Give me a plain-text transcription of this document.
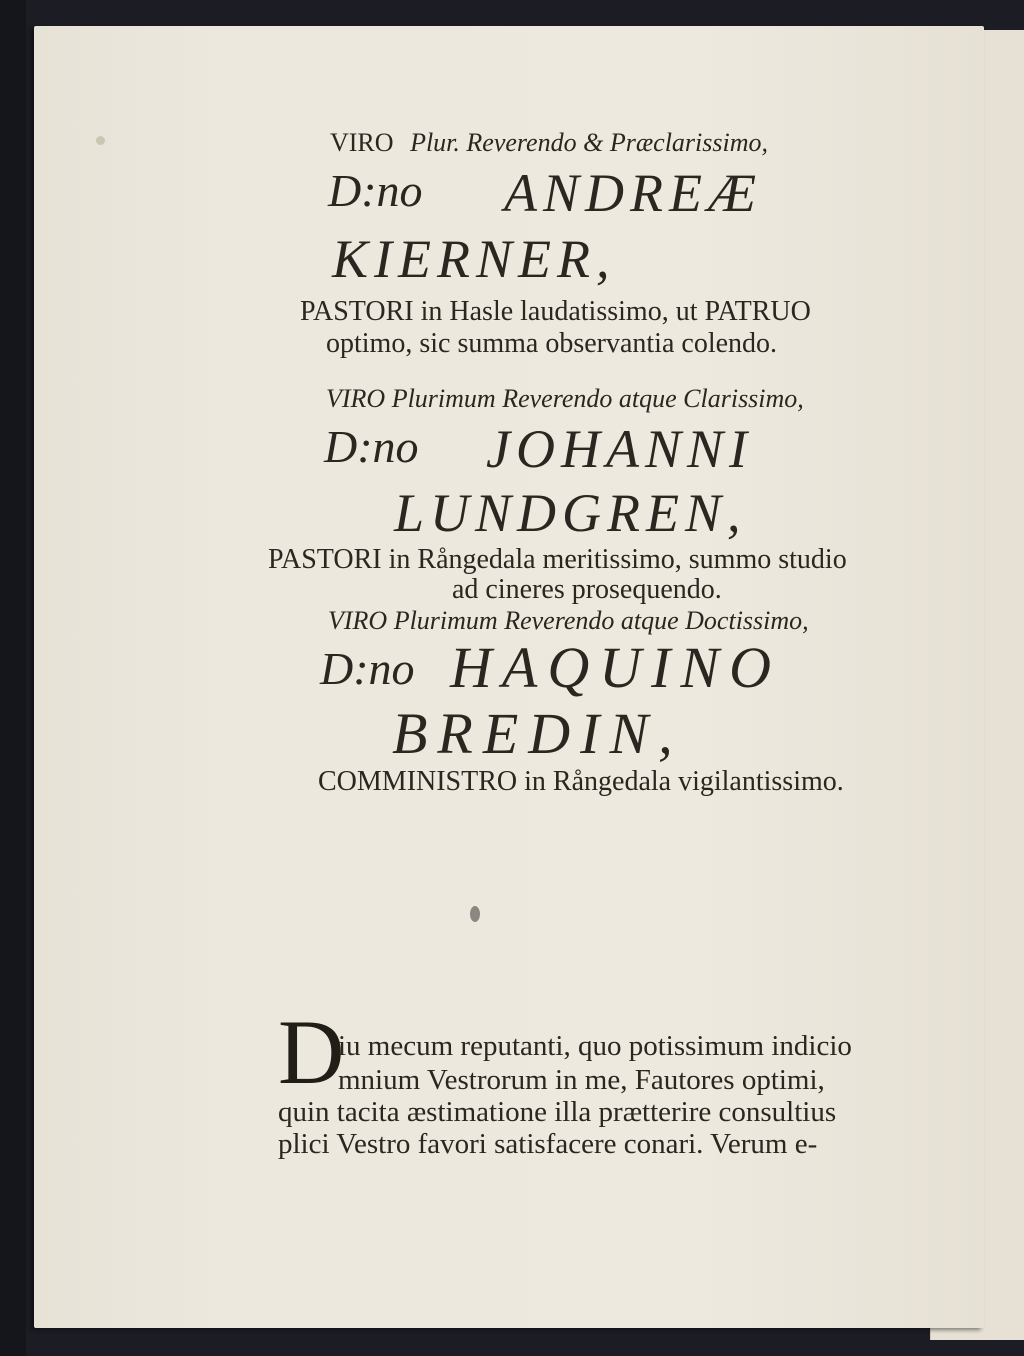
VIRO Plur. Reverendo & Præclarissimo,
D:no ANDREÆ
KIERNER,
PASTORI in Hasle laudatissimo, ut PATRUO
optimo, sic summa observantia colendo.
VIRO Plurimum Reverendo atque Clarissimo,
D:no JOHANNI
LUNDGREN,
PASTORI in Rångedala meritissimo, summo studio
ad cineres prosequendo.
VIRO Plurimum Reverendo atque Doctissimo,
D:no HAQUINO
BREDIN,
COMMINISTRO in Rångedala vigilantissimo.
D
iu mecum reputanti, quo potissimum indicio
mnium Vestrorum in me, Fautores optimi,
quin tacita æstimatione illa prætterire consultius
plici Vestro favori satisfacere conari. Verum e-
